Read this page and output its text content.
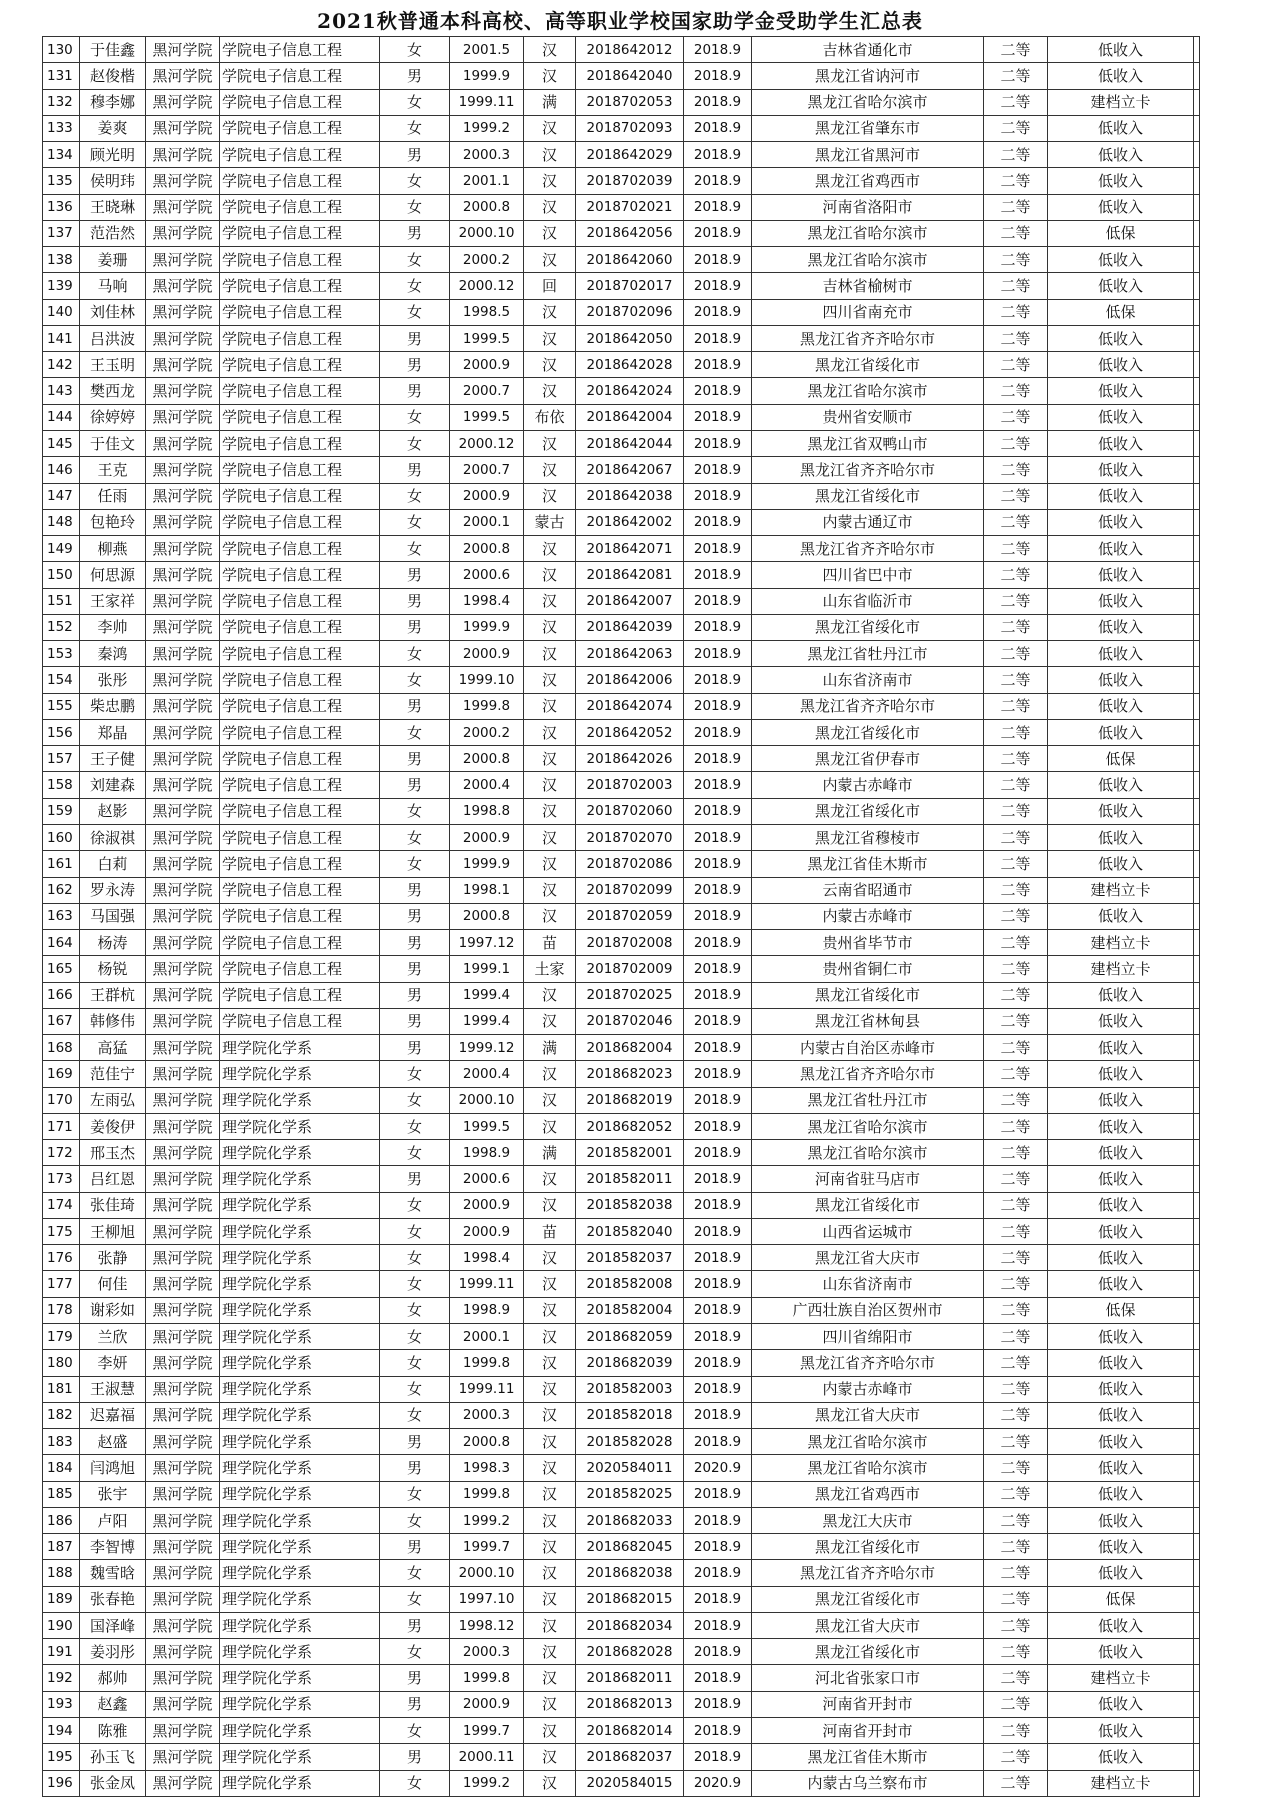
2021秋普通本科高校、高等职业学校国家助学金受助学生汇总表
130	于佳鑫	黑河学院	学院电子信息工程	女	2001.5	汉	2018642012	2018.9	吉林省通化市	二等	低收入	
131	赵俊楷	黑河学院	学院电子信息工程	男	1999.9	汉	2018642040	2018.9	黑龙江省讷河市	二等	低收入	
132	穆李娜	黑河学院	学院电子信息工程	女	1999.11	满	2018702053	2018.9	黑龙江省哈尔滨市	二等	建档立卡	
133	姜爽	黑河学院	学院电子信息工程	女	1999.2	汉	2018702093	2018.9	黑龙江省肇东市	二等	低收入	
134	顾光明	黑河学院	学院电子信息工程	男	2000.3	汉	2018642029	2018.9	黑龙江省黑河市	二等	低收入	
135	侯明玮	黑河学院	学院电子信息工程	女	2001.1	汉	2018702039	2018.9	黑龙江省鸡西市	二等	低收入	
136	王晓琳	黑河学院	学院电子信息工程	女	2000.8	汉	2018702021	2018.9	河南省洛阳市	二等	低收入	
137	范浩然	黑河学院	学院电子信息工程	男	2000.10	汉	2018642056	2018.9	黑龙江省哈尔滨市	二等	低保	
138	姜珊	黑河学院	学院电子信息工程	女	2000.2	汉	2018642060	2018.9	黑龙江省哈尔滨市	二等	低收入	
139	马响	黑河学院	学院电子信息工程	女	2000.12	回	2018702017	2018.9	吉林省榆树市	二等	低收入	
140	刘佳林	黑河学院	学院电子信息工程	女	1998.5	汉	2018702096	2018.9	四川省南充市	二等	低保	
141	吕洪波	黑河学院	学院电子信息工程	男	1999.5	汉	2018642050	2018.9	黑龙江省齐齐哈尔市	二等	低收入	
142	王玉明	黑河学院	学院电子信息工程	男	2000.9	汉	2018642028	2018.9	黑龙江省绥化市	二等	低收入	
143	樊西龙	黑河学院	学院电子信息工程	男	2000.7	汉	2018642024	2018.9	黑龙江省哈尔滨市	二等	低收入	
144	徐婷婷	黑河学院	学院电子信息工程	女	1999.5	布依	2018642004	2018.9	贵州省安顺市	二等	低收入	
145	于佳文	黑河学院	学院电子信息工程	女	2000.12	汉	2018642044	2018.9	黑龙江省双鸭山市	二等	低收入	
146	王克	黑河学院	学院电子信息工程	男	2000.7	汉	2018642067	2018.9	黑龙江省齐齐哈尔市	二等	低收入	
147	任雨	黑河学院	学院电子信息工程	女	2000.9	汉	2018642038	2018.9	黑龙江省绥化市	二等	低收入	
148	包艳玲	黑河学院	学院电子信息工程	女	2000.1	蒙古	2018642002	2018.9	内蒙古通辽市	二等	低收入	
149	柳燕	黑河学院	学院电子信息工程	女	2000.8	汉	2018642071	2018.9	黑龙江省齐齐哈尔市	二等	低收入	
150	何思源	黑河学院	学院电子信息工程	男	2000.6	汉	2018642081	2018.9	四川省巴中市	二等	低收入	
151	王家祥	黑河学院	学院电子信息工程	男	1998.4	汉	2018642007	2018.9	山东省临沂市	二等	低收入	
152	李帅	黑河学院	学院电子信息工程	男	1999.9	汉	2018642039	2018.9	黑龙江省绥化市	二等	低收入	
153	秦鸿	黑河学院	学院电子信息工程	女	2000.9	汉	2018642063	2018.9	黑龙江省牡丹江市	二等	低收入	
154	张彤	黑河学院	学院电子信息工程	女	1999.10	汉	2018642006	2018.9	山东省济南市	二等	低收入	
155	柴忠鹏	黑河学院	学院电子信息工程	男	1999.8	汉	2018642074	2018.9	黑龙江省齐齐哈尔市	二等	低收入	
156	郑晶	黑河学院	学院电子信息工程	女	2000.2	汉	2018642052	2018.9	黑龙江省绥化市	二等	低收入	
157	王子健	黑河学院	学院电子信息工程	男	2000.8	汉	2018642026	2018.9	黑龙江省伊春市	二等	低保	
158	刘建森	黑河学院	学院电子信息工程	男	2000.4	汉	2018702003	2018.9	内蒙古赤峰市	二等	低收入	
159	赵影	黑河学院	学院电子信息工程	女	1998.8	汉	2018702060	2018.9	黑龙江省绥化市	二等	低收入	
160	徐淑祺	黑河学院	学院电子信息工程	女	2000.9	汉	2018702070	2018.9	黑龙江省穆棱市	二等	低收入	
161	白莉	黑河学院	学院电子信息工程	女	1999.9	汉	2018702086	2018.9	黑龙江省佳木斯市	二等	低收入	
162	罗永涛	黑河学院	学院电子信息工程	男	1998.1	汉	2018702099	2018.9	云南省昭通市	二等	建档立卡	
163	马国强	黑河学院	学院电子信息工程	男	2000.8	汉	2018702059	2018.9	内蒙古赤峰市	二等	低收入	
164	杨涛	黑河学院	学院电子信息工程	男	1997.12	苗	2018702008	2018.9	贵州省毕节市	二等	建档立卡	
165	杨锐	黑河学院	学院电子信息工程	男	1999.1	土家	2018702009	2018.9	贵州省铜仁市	二等	建档立卡	
166	王群杭	黑河学院	学院电子信息工程	男	1999.4	汉	2018702025	2018.9	黑龙江省绥化市	二等	低收入	
167	韩修伟	黑河学院	学院电子信息工程	男	1999.4	汉	2018702046	2018.9	黑龙江省林甸县	二等	低收入	
168	高猛	黑河学院	理学院化学系	男	1999.12	满	2018682004	2018.9	内蒙古自治区赤峰市	二等	低收入	
169	范佳宁	黑河学院	理学院化学系	女	2000.4	汉	2018682023	2018.9	黑龙江省齐齐哈尔市	二等	低收入	
170	左雨弘	黑河学院	理学院化学系	女	2000.10	汉	2018682019	2018.9	黑龙江省牡丹江市	二等	低收入	
171	姜俊伊	黑河学院	理学院化学系	女	1999.5	汉	2018682052	2018.9	黑龙江省哈尔滨市	二等	低收入	
172	邢玉杰	黑河学院	理学院化学系	女	1998.9	满	2018582001	2018.9	黑龙江省哈尔滨市	二等	低收入	
173	吕红恩	黑河学院	理学院化学系	男	2000.6	汉	2018582011	2018.9	河南省驻马店市	二等	低收入	
174	张佳琦	黑河学院	理学院化学系	女	2000.9	汉	2018582038	2018.9	黑龙江省绥化市	二等	低收入	
175	王柳旭	黑河学院	理学院化学系	女	2000.9	苗	2018582040	2018.9	山西省运城市	二等	低收入	
176	张静	黑河学院	理学院化学系	女	1998.4	汉	2018582037	2018.9	黑龙江省大庆市	二等	低收入	
177	何佳	黑河学院	理学院化学系	女	1999.11	汉	2018582008	2018.9	山东省济南市	二等	低收入	
178	谢彩如	黑河学院	理学院化学系	女	1998.9	汉	2018582004	2018.9	广西壮族自治区贺州市	二等	低保	
179	兰欣	黑河学院	理学院化学系	女	2000.1	汉	2018682059	2018.9	四川省绵阳市	二等	低收入	
180	李妍	黑河学院	理学院化学系	女	1999.8	汉	2018682039	2018.9	黑龙江省齐齐哈尔市	二等	低收入	
181	王淑慧	黑河学院	理学院化学系	女	1999.11	汉	2018582003	2018.9	内蒙古赤峰市	二等	低收入	
182	迟嘉福	黑河学院	理学院化学系	女	2000.3	汉	2018582018	2018.9	黑龙江省大庆市	二等	低收入	
183	赵盛	黑河学院	理学院化学系	男	2000.8	汉	2018582028	2018.9	黑龙江省哈尔滨市	二等	低收入	
184	闫鸿旭	黑河学院	理学院化学系	男	1998.3	汉	2020584011	2020.9	黑龙江省哈尔滨市	二等	低收入	
185	张宇	黑河学院	理学院化学系	女	1999.8	汉	2018582025	2018.9	黑龙江省鸡西市	二等	低收入	
186	卢阳	黑河学院	理学院化学系	女	1999.2	汉	2018682033	2018.9	黑龙江大庆市	二等	低收入	
187	李智博	黑河学院	理学院化学系	男	1999.7	汉	2018682045	2018.9	黑龙江省绥化市	二等	低收入	
188	魏雪晗	黑河学院	理学院化学系	女	2000.10	汉	2018682038	2018.9	黑龙江省齐齐哈尔市	二等	低收入	
189	张春艳	黑河学院	理学院化学系	女	1997.10	汉	2018682015	2018.9	黑龙江省绥化市	二等	低保	
190	国泽峰	黑河学院	理学院化学系	男	1998.12	汉	2018682034	2018.9	黑龙江省大庆市	二等	低收入	
191	姜羽彤	黑河学院	理学院化学系	女	2000.3	汉	2018682028	2018.9	黑龙江省绥化市	二等	低收入	
192	郝帅	黑河学院	理学院化学系	男	1999.8	汉	2018682011	2018.9	河北省张家口市	二等	建档立卡	
193	赵鑫	黑河学院	理学院化学系	男	2000.9	汉	2018682013	2018.9	河南省开封市	二等	低收入	
194	陈雅	黑河学院	理学院化学系	女	1999.7	汉	2018682014	2018.9	河南省开封市	二等	低收入	
195	孙玉飞	黑河学院	理学院化学系	男	2000.11	汉	2018682037	2018.9	黑龙江省佳木斯市	二等	低收入	
196	张金凤	黑河学院	理学院化学系	女	1999.2	汉	2020584015	2020.9	内蒙古乌兰察布市	二等	建档立卡	
